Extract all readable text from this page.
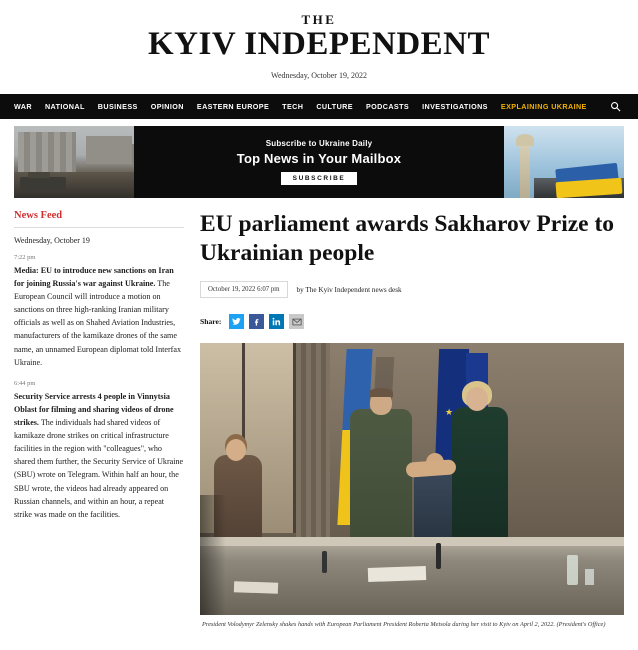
THE
KYIV INDEPENDENT
Wednesday, October 19, 2022
WAR NATIONAL BUSINESS OPINION EASTERN EUROPE TECH CULTURE PODCASTS INVESTIGATIONS EXPLAINING UKRAINE
Subscribe to Ukraine Daily
Top News in Your Mailbox
SUBSCRIBE
News Feed
Wednesday, October 19
7:22 pm
Media: EU to introduce new sanctions on Iran for joining Russia's war against Ukraine. The European Council will introduce a motion on sanctions on three high-ranking Iranian military officials as well as on Shahed Aviation Industries, manufacturers of the kamikaze drones of the same name, an unnamed European diplomat told Interfax Ukraine.
6:44 pm
Security Service arrests 4 people in Vinnytsia Oblast for filming and sharing videos of drone strikes. The individuals had shared videos of kamikaze drone strikes on critical infrastructure facilities in the region with "colleagues", who shared them further, the Security Service of Ukraine (SBU) wrote on Telegram. Within half an hour, the SBU wrote, the videos had already appeared on Russian channels, and within an hour, a repeat strike was made on the facilities.
EU parliament awards Sakharov Prize to Ukrainian people
October 19, 2022 6:07 pm	by The Kyiv Independent news desk
Share:
★
President Volodymyr Zelensky shakes hands with European Parliament President Roberta Metsola during her visit to Kyiv on April 2, 2022. (President's Office)
